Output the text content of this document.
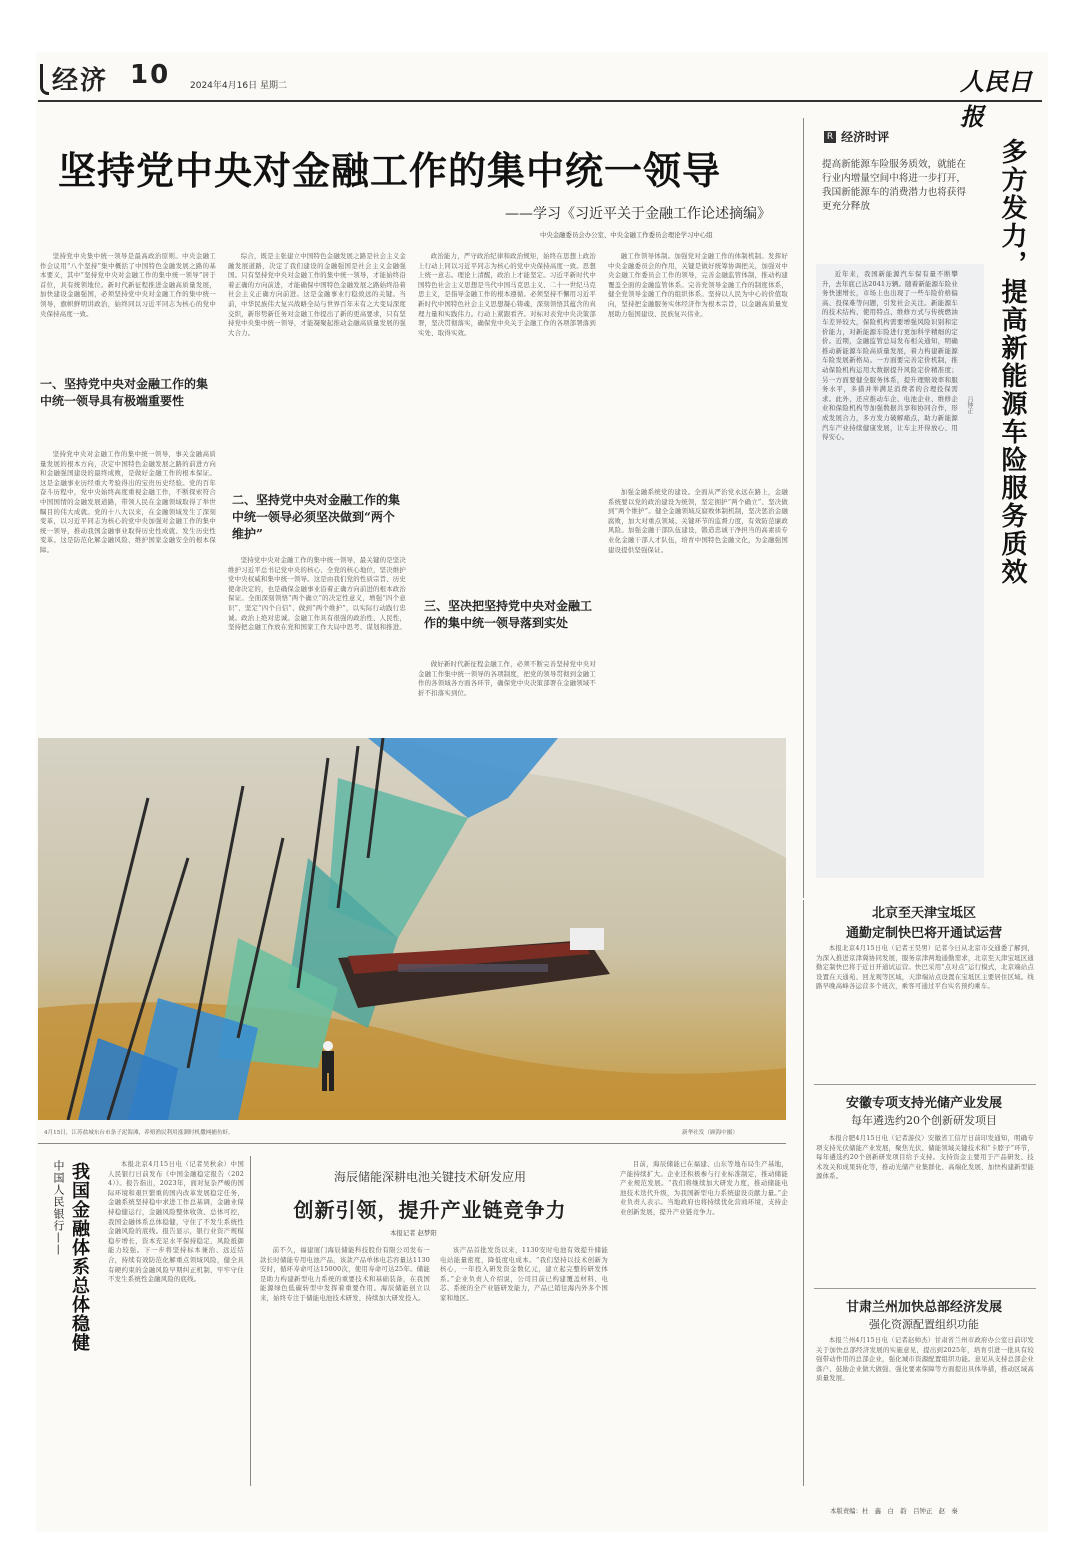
经济 10 2024年4月16日 星期二	人民日报
坚持党中央对金融工作的集中统一领导
——学习《习近平关于金融工作论述摘编》
中央金融委员会办公室、中央金融工作委员会理论学习中心组

坚持党中央集中统一领导是最高政治原则。中央金融工作会议用“八个坚持”集中概括了中国特色金融发展之路的基本要义，其中“坚持党中央对金融工作的集中统一领导”居于首位，具有统领地位。新时代新征程推进金融高质量发展，加快建设金融强国，必须坚持党中央对金融工作的集中统一领导，旗帜鲜明讲政治，始终同以习近平同志为核心的党中央保持高度一致。

一、坚持党中央对金融工作的集中统一领导具有极端重要性

坚持党中央对金融工作的集中统一领导，事关金融高质量发展的根本方向，决定中国特色金融发展之路的前进方向和金融强国建设的最终成败，是做好金融工作的根本保证。这是金融事业历经重大考验得出的宝贵历史经验。党的百年奋斗历程中，党中央始终高度重视金融工作，不断探索符合中国国情的金融发展道路，带领人民在金融领域取得了举世瞩目的伟大成就。党的十八大以来，在金融领域发生了深刻变革，以习近平同志为核心的党中央加强对金融工作的集中统一领导，推动我国金融事业取得历史性成就、发生历史性变革。这是防范化解金融风险、维护国家金融安全的根本保障。

综合，既是主张建立中国特色金融发展之路是社会主义金融发展道路，决定了我们建设的金融强国是社会主义金融强国。只有坚持党中央对金融工作的集中统一领导，才能始终沿着正确的方向前进，才能确保中国特色金融发展之路始终沿着社会主义正确方向前进。这是金融事业行稳致远的关键。当前，中华民族伟大复兴战略全局与世界百年未有之大变局深度交织，新形势新任务对金融工作提出了新的更高要求，只有坚持党中央集中统一领导，才能凝聚起推动金融高质量发展的强大合力。

二、坚持党中央对金融工作的集中统一领导必须坚决做到“两个维护”

坚持党中央对金融工作的集中统一领导，最关键的是坚决维护习近平总书记党中央的核心、全党的核心地位，坚决维护党中央权威和集中统一领导。这是由我们党的性质宗旨、历史使命决定的，也是确保金融事业沿着正确方向前进的根本政治保证。全面深刻领悟“两个确立”的决定性意义，增强“四个意识”、坚定“四个自信”、做到“两个维护”，以实际行动践行忠诚。政治上绝对忠诚。金融工作具有很强的政治性、人民性，坚持把金融工作放在党和国家工作大局中思考、谋划和推进。

政治能力，严守政治纪律和政治规矩，始终在思想上政治上行动上同以习近平同志为核心的党中央保持高度一致。思想上统一意志。理论上清醒，政治上才能坚定。习近平新时代中国特色社会主义思想是当代中国马克思主义、二十一世纪马克思主义，是指导金融工作的根本遵循。必须坚持不懈用习近平新时代中国特色社会主义思想凝心铸魂，深刻领悟其蕴含的真理力量和实践伟力。行动上紧跟看齐。对标对表党中央决策部署，坚决贯彻落实，确保党中央关于金融工作的各项部署落到实处、取得实效。

三、坚决把坚持党中央对金融工作的集中统一领导落到实处

做好新时代新征程金融工作，必须不断完善坚持党中央对金融工作集中统一领导的各项制度，把党的领导贯彻到金融工作的各领域各方面各环节，确保党中央决策部署在金融领域不折不扣落实到位。

融工作领导体制。加强党对金融工作的体制机制。发挥好中央金融委员会的作用，关键是做好统筹协调把关，加强对中央金融工作委员会工作的领导，完善金融监管体制，推动构建覆盖全面的金融监管体系。完善党领导金融工作的制度体系，健全党领导金融工作的组织体系。坚持以人民为中心的价值取向，坚持把金融服务实体经济作为根本宗旨，以金融高质量发展助力强国建设、民族复兴伟业。

加强金融系统党的建设。全面从严治党永远在路上，金融系统要以党的政治建设为统领，坚定拥护“两个确立”、坚决做到“两个维护”。健全金融领域反腐败体制机制，坚决惩治金融腐败，加大对重点领域、关键环节的监督力度，有效防范廉政风险。加强金融干部队伍建设，锻造忠诚干净担当的高素质专业化金融干部人才队伍，培育中国特色金融文化，为金融强国建设提供坚强保证。

R 经济时评
提高新能源车险服务质效，就能在行业内增量空间中将进一步打开，我国新能源车的消费潜力也将获得更充分释放	多方发力，提高新能源车险服务质效

近年来，我国新能源汽车保有量不断攀升，去年底已达2041万辆。随着新能源车险业务快速增长，市场上也出现了一些车险价格偏高、投保难等问题，引发社会关注。新能源车的技术结构、使用特点、维修方式与传统燃油车差异较大，保险机构需要增强风险识别和定价能力，对新能源车险进行更加科学精细的定价。近期，金融监管总局发布相关通知，明确推动新能源车险高质量发展，着力构建新能源车险发展新格局。一方面要完善定价机制，推动保险机构运用大数据提升风险定价精准度；另一方面要健全服务体系，提升理赔效率和服务水平，多措并举满足消费者的合理投保需求。此外，还应推动车企、电池企业、维修企业和保险机构等加强数据共享和协同合作，形成发展合力，多方发力破解痛点，助力新能源汽车产业持续健康发展，让车主开得放心、用得安心。

吕钟正
北京至天津宝坻区
通勤定制快巴将开通试运营

本报北京4月15日电（记者王昊男）记者今日从北京市交通委了解到，为深入推进京津冀协同发展，服务京津两地通勤需求，北京至天津宝坻区通勤定制快巴将于近日开通试运营。快巴采用“点对点”运行模式，北京端站点设置在天通苑、回龙观等区域，天津端站点设置在宝坻区主要居住区域。线路早晚高峰各运营多个班次，乘客可通过平台实名预约乘车。

安徽专项支持光储产业发展
每年遴选约20个创新研发项目

本报合肥4月15日电（记者游仪）安徽省工信厅日前印发通知，明确专项支持光伏储能产业发展，聚焦光伏、储能领域关键技术和“卡脖子”环节，每年遴选约20个创新研发项目给予支持。支持资金主要用于产品研发、技术攻关和成果转化等，推动光储产业集群化、高端化发展，加快构建新型能源体系。

甘肃兰州加快总部经济发展
强化资源配置组织功能

本报兰州4月15日电（记者赵帅杰）甘肃省兰州市政府办公室日前印发关于加快总部经济发展的实施意见，提出到2025年，培育引进一批具有较强带动作用的总部企业，强化城市资源配置组织功能。意见从支持总部企业落户、鼓励企业做大做强、强化要素保障等方面提出具体举措，推动区域高质量发展。

4月15日，江苏盐城东台市条子泥海滩，养殖渔民利用涨潮时机撒网捕鱼虾。	新华社发（顾海中摄）
中国人民银行—— 我国金融体系总体稳健	本报北京4月15日电（记者吴秋余）中国人民银行日前发布《中国金融稳定报告（2024）》。报告指出，2023年，面对复杂严峻的国际环境和艰巨繁重的国内改革发展稳定任务，金融系统坚持稳中求进工作总基调，金融业保持稳健运行，金融风险整体收敛、总体可控，我国金融体系总体稳健，守住了不发生系统性金融风险的底线。报告显示，银行业资产规模稳步增长，资本充足水平保持稳定，风险抵御能力较强。下一步将坚持标本兼治、远近结合，持续有效防范化解重点领域风险，健全具有硬约束的金融风险早期纠正机制，牢牢守住不发生系统性金融风险的底线。

海辰储能深耕电池关键技术研发应用
创新引领，提升产业链竞争力
本报记者 赵梦阳

前不久，福建厦门海辰储能科技股份有限公司发布一款长时储能专用电池产品，该款产品单体电芯容量达1130安时，循环寿命可达15000次，使用寿命可达25年。储能是助力构建新型电力系统的重要技术和基础装备，在我国能源绿色低碳转型中发挥着重要作用。海辰储能创立以来，始终专注于储能电池技术研发，持续加大研发投入。

该产品首批发货以来，1130安时电池有效提升储能电站能量密度，降低度电成本。“我们坚持以技术创新为核心，一年投入研发资金数亿元，建立起完整的研发体系。”企业负责人介绍说，公司目前已构建覆盖材料、电芯、系统的全产业链研发能力，产品已销往海内外多个国家和地区。

目前，海辰储能已在福建、山东等地布局生产基地，产能持续扩大。企业还积极参与行业标准制定，推动储能产业规范发展。“我们将继续加大研发力度，推动储能电池技术迭代升级，为我国新型电力系统建设贡献力量。”企业负责人表示。当地政府也将持续优化营商环境，支持企业创新发展，提升产业链竞争力。

本版责编：杜　鑫　白　韵　吕钟正　赵　秦
